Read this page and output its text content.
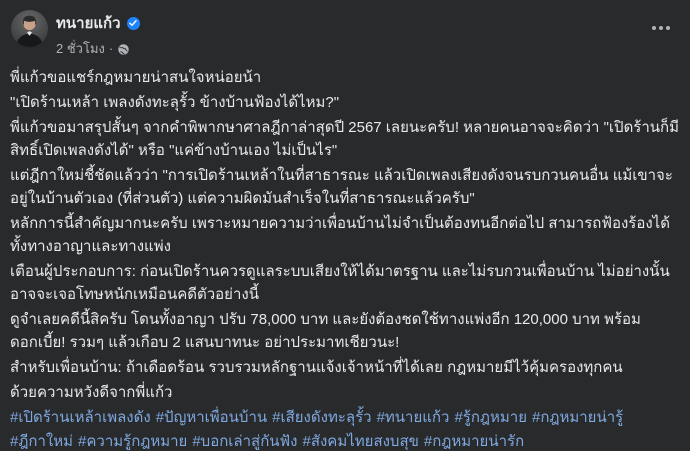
ทนายแก้ว
2 ชั่วโมง ·

พี่แก้วขอแชร์กฎหมายน่าสนใจหน่อยน้า

"เปิดร้านเหล้า เพลงดังทะลุรั้ว ข้างบ้านฟ้องได้ไหม?"

พี่แก้วขอมาสรุปสั้นๆ จากคำพิพากษาศาลฎีกาล่าสุดปี 2567 เลยนะครับ! หลายคนอาจจะคิดว่า "เปิดร้านก็มีสิทธิ์เปิดเพลงดังได้" หรือ "แค่ข้างบ้านเอง ไม่เป็นไร"

แต่ฎีกาใหม่ชี้ชัดแล้วว่า "การเปิดร้านเหล้าในที่สาธารณะ แล้วเปิดเพลงเสียงดังจนรบกวนคนอื่น แม้เขาจะอยู่ในบ้านตัวเอง (ที่ส่วนตัว) แต่ความผิดมันสำเร็จในที่สาธารณะแล้วครับ"

หลักการนี้สำคัญมากนะครับ เพราะหมายความว่าเพื่อนบ้านไม่จำเป็นต้องทนอีกต่อไป สามารถฟ้องร้องได้ทั้งทางอาญาและทางแพ่ง

เตือนผู้ประกอบการ: ก่อนเปิดร้านควรดูแลระบบเสียงให้ได้มาตรฐาน และไม่รบกวนเพื่อนบ้าน ไม่อย่างนั้นอาจจะเจอโทษหนักเหมือนคดีตัวอย่างนี้

ดูจำเลยคดีนี้สิครับ โดนทั้งอาญา ปรับ 78,000 บาท และยังต้องชดใช้ทางแพ่งอีก 120,000 บาท พร้อมดอกเบี้ย! รวมๆ แล้วเกือบ 2 แสนบาทนะ อย่าประมาทเชียวนะ!

สำหรับเพื่อนบ้าน: ถ้าเดือดร้อน รวบรวมหลักฐานแจ้งเจ้าหน้าที่ได้เลย กฎหมายมีไว้คุ้มครองทุกคน

ด้วยความหวังดีจากพี่แก้ว

#เปิดร้านเหล้าเพลงดัง #ปัญหาเพื่อนบ้าน #เสียงดังทะลุรั้ว #ทนายแก้ว #รู้กฎหมาย #กฎหมายน่ารู้
#ฎีกาใหม่ #ความรู้กฎหมาย #บอกเล่าสู่กันฟัง #สังคมไทยสงบสุข #กฎหมายน่ารัก
